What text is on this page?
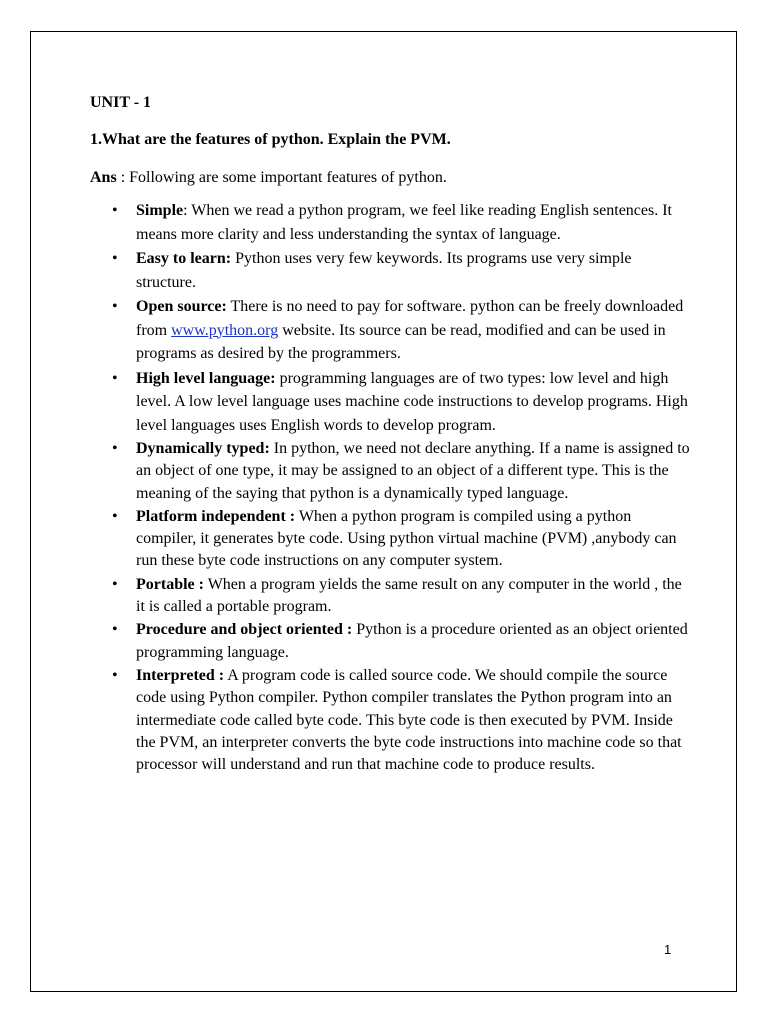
UNIT - 1

1.What are the features of python. Explain the PVM.

Ans : Following are some important features of python.

• Simple: When we read a python program, we feel like reading English sentences. It means more clarity and less understanding the syntax of language.
• Easy to learn: Python uses very few keywords. Its programs use very simple structure.
• Open source: There is no need to pay for software. python can be freely downloaded from www.python.org website. Its source can be read, modified and can be used in programs as desired by the programmers.
• High level language: programming languages are of two types: low level and high level. A low level language uses machine code instructions to develop programs. High level languages uses English words to develop program.
• Dynamically typed: In python, we need not declare anything. If a name is assigned to an object of one type, it may be assigned to an object of a different type. This is the meaning of the saying that python is a dynamically typed language.
• Platform independent : When a python program is compiled using a python compiler, it generates byte code. Using python virtual machine (PVM) ,anybody can run these byte code instructions on any computer system.
• Portable : When a program yields the same result on any computer in the world , the it is called a portable program.
• Procedure and object oriented : Python is a procedure oriented as an object oriented programming language.
• Interpreted : A program code is called source code. We should compile the source code using Python compiler. Python compiler translates the Python program into an intermediate code called byte code. This byte code is then executed by PVM. Inside the PVM, an interpreter converts the byte code instructions into machine code so that processor will understand and run that machine code to produce results.
1
